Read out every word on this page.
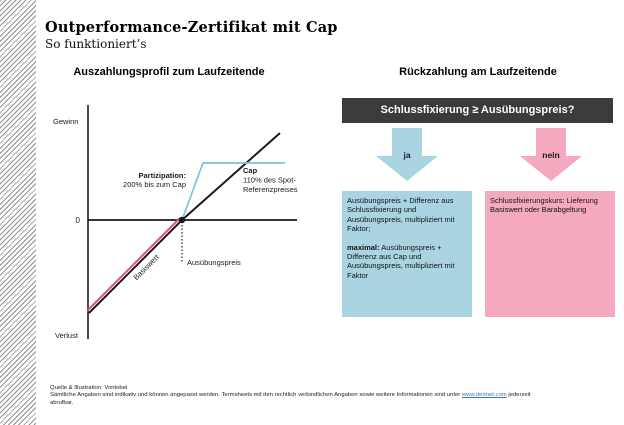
Outperformance-Zertifikat mit Cap
So funktioniert’s
Auszahlungsprofil zum Laufzeitende	Rückzahlung am Laufzeitende
Gewinn
0
Verlust
Partizipation:
200% bis zum Cap
Cap
110% des Spot-
Referenzpreises
Ausübungspreis
Basiswert
Schlussfixierung ≥ Ausübungspreis?
ja	nein

Ausübungspreis + Differenz aus Schlussfixierung und Ausübungspreis, multipliziert mit Faktor;

maximal: Ausübungspreis + Differenz aus Cap und Ausübungspreis, multipliziert mit Faktor

Schlussfixierungskurs: Lieferung Basiswert oder Barabgeltung

Quelle & Illustration: Vontobel
Sämtliche Angaben sind indikativ und können angepasst werden. Termsheets mit den rechtlich verbindlichen Angaben sowie weitere Informationen sind unter www.derinet.com jederzeit
abrufbar.
